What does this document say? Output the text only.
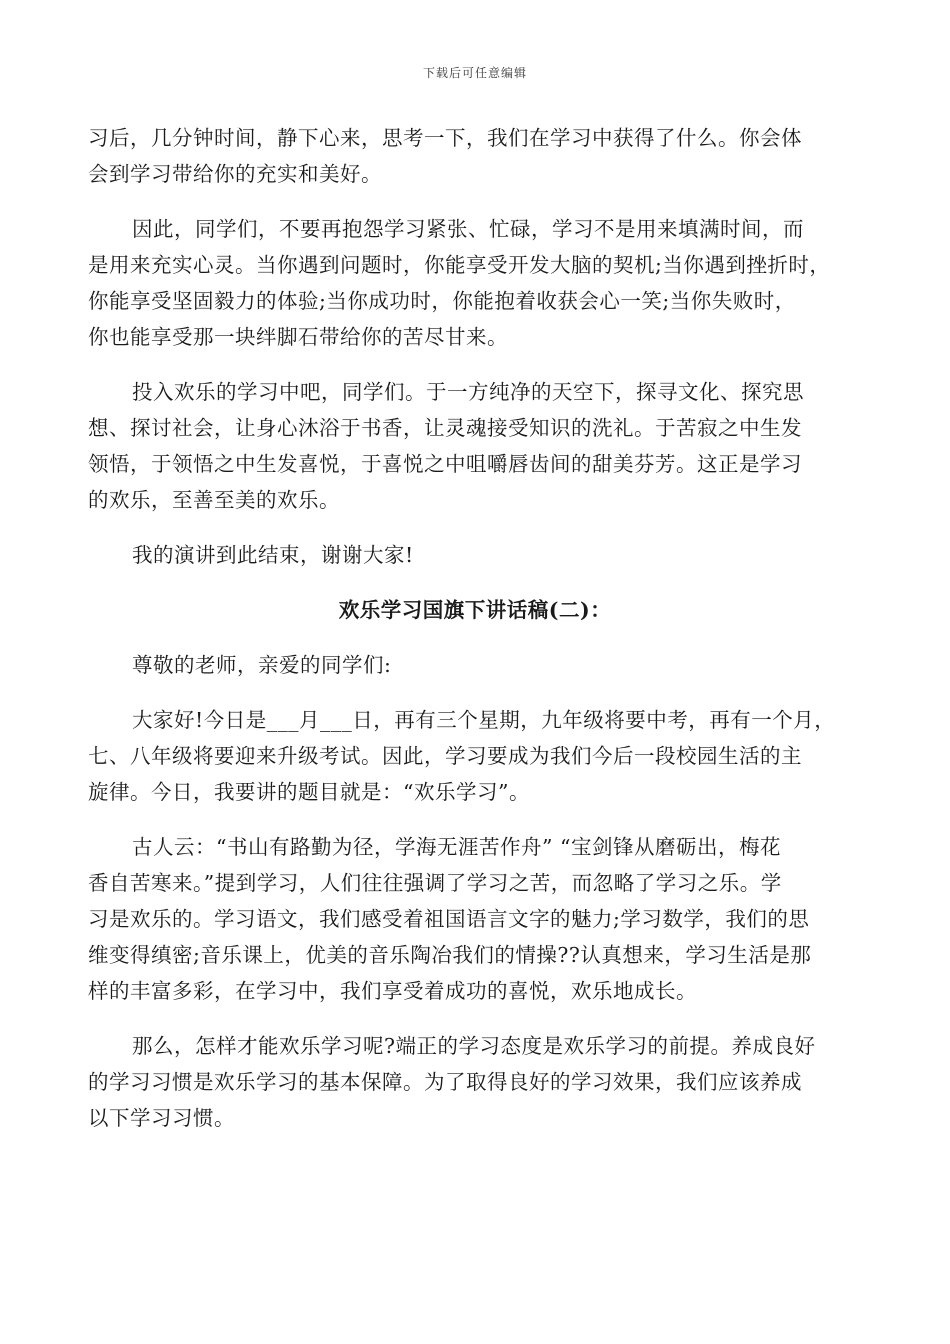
下载后可任意编辑

习后，几分钟时间，静下心来，思考一下，我们在学习中获得了什么。你会体
会到学习带给你的充实和美好。

因此，同学们，不要再抱怨学习紧张、忙碌，学习不是用来填满时间，而
是用来充实心灵。当你遇到问题时，你能享受开发大脑的契机;当你遇到挫折时，
你能享受坚固毅力的体验;当你成功时，你能抱着收获会心一笑;当你失败时，
你也能享受那一块绊脚石带给你的苦尽甘来。

投入欢乐的学习中吧，同学们。于一方纯净的天空下，探寻文化、探究思
想、探讨社会，让身心沐浴于书香，让灵魂接受知识的洗礼。于苦寂之中生发
领悟，于领悟之中生发喜悦，于喜悦之中咀嚼唇齿间的甜美芬芳。这正是学习
的欢乐，至善至美的欢乐。

我的演讲到此结束，谢谢大家!

欢乐学习国旗下讲话稿(二)：

尊敬的老师，亲爱的同学们:

大家好!今日是___月___日，再有三个星期，九年级将要中考，再有一个月，
七、八年级将要迎来升级考试。因此，学习要成为我们今后一段校园生活的主
旋律。今日，我要讲的题目就是：“欢乐学习”。

古人云：“书山有路勤为径，学海无涯苦作舟” “宝剑锋从磨砺出，梅花
香自苦寒来。”提到学习，人们往往强调了学习之苦，而忽略了学习之乐。学
习是欢乐的。学习语文，我们感受着祖国语言文字的魅力;学习数学，我们的思
维变得缜密;音乐课上，优美的音乐陶冶我们的情操??认真想来，学习生活是那
样的丰富多彩，在学习中，我们享受着成功的喜悦，欢乐地成长。

那么，怎样才能欢乐学习呢?端正的学习态度是欢乐学习的前提。养成良好
的学习习惯是欢乐学习的基本保障。为了取得良好的学习效果，我们应该养成
以下学习习惯。
